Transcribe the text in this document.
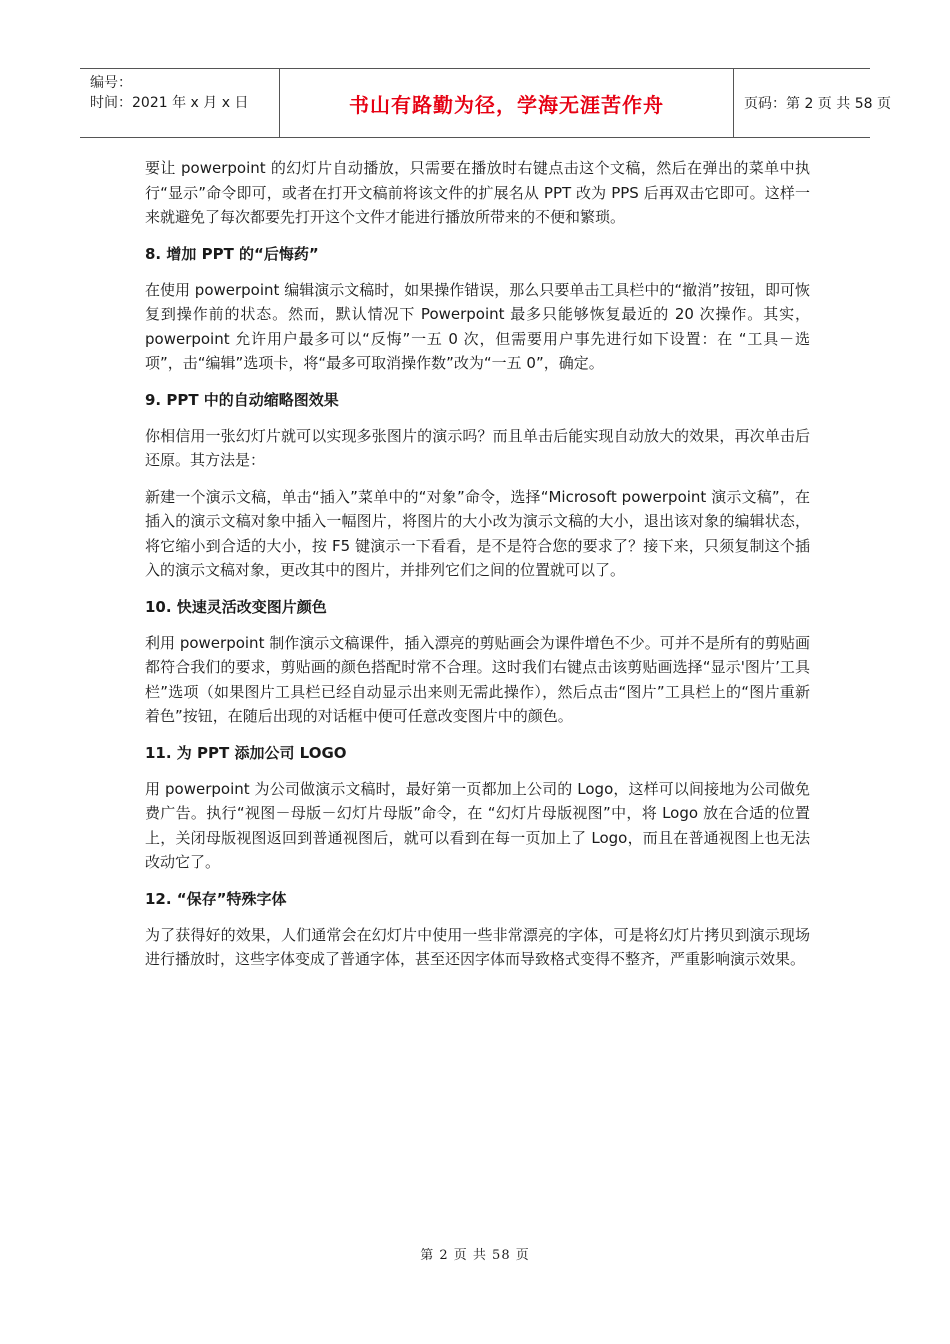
编号：
时间：2021 年 x 月 x 日	书山有路勤为径，学海无涯苦作舟	页码：第 2 页 共 58 页

要让 powerpoint 的幻灯片自动播放，只需要在播放时右键点击这个文稿，然后在弹出的菜单中执行“显示”命令即可，或者在打开文稿前将该文件的扩展名从 PPT 改为 PPS 后再双击它即可。这样一来就避免了每次都要先打开这个文件才能进行播放所带来的不便和繁琐。

8. 增加 PPT 的“后悔药”

在使用 powerpoint 编辑演示文稿时，如果操作错误，那么只要单击工具栏中的“撤消”按钮，即可恢复到操作前的状态。然而，默认情况下 Powerpoint 最多只能够恢复最近的 20 次操作。其实，powerpoint 允许用户最多可以“反悔”一五 0 次，但需要用户事先进行如下设置：在 “工具－选项”，击“编辑”选项卡，将“最多可取消操作数”改为“一五 0”，确定。

9. PPT 中的自动缩略图效果

你相信用一张幻灯片就可以实现多张图片的演示吗？而且单击后能实现自动放大的效果，再次单击后还原。其方法是：

新建一个演示文稿，单击“插入”菜单中的“对象”命令，选择“Microsoft powerpoint 演示文稿”，在插入的演示文稿对象中插入一幅图片，将图片的大小改为演示文稿的大小，退出该对象的编辑状态，将它缩小到合适的大小，按 F5 键演示一下看看，是不是符合您的要求了？接下来，只须复制这个插入的演示文稿对象，更改其中的图片，并排列它们之间的位置就可以了。

10. 快速灵活改变图片颜色

利用 powerpoint 制作演示文稿课件，插入漂亮的剪贴画会为课件增色不少。可并不是所有的剪贴画都符合我们的要求，剪贴画的颜色搭配时常不合理。这时我们右键点击该剪贴画选择“显示'图片’工具栏”选项（如果图片工具栏已经自动显示出来则无需此操作），然后点击“图片”工具栏上的“图片重新着色”按钮，在随后出现的对话框中便可任意改变图片中的颜色。

11. 为 PPT 添加公司 LOGO

用 powerpoint 为公司做演示文稿时，最好第一页都加上公司的 Logo，这样可以间接地为公司做免费广告。执行“视图－母版－幻灯片母版”命令，在 “幻灯片母版视图”中，将 Logo 放在合适的位置上，关闭母版视图返回到普通视图后，就可以看到在每一页加上了 Logo，而且在普通视图上也无法改动它了。

12. “保存”特殊字体

为了获得好的效果，人们通常会在幻灯片中使用一些非常漂亮的字体，可是将幻灯片拷贝到演示现场进行播放时，这些字体变成了普通字体，甚至还因字体而导致格式变得不整齐，严重影响演示效果。

第 2 页 共 58 页
